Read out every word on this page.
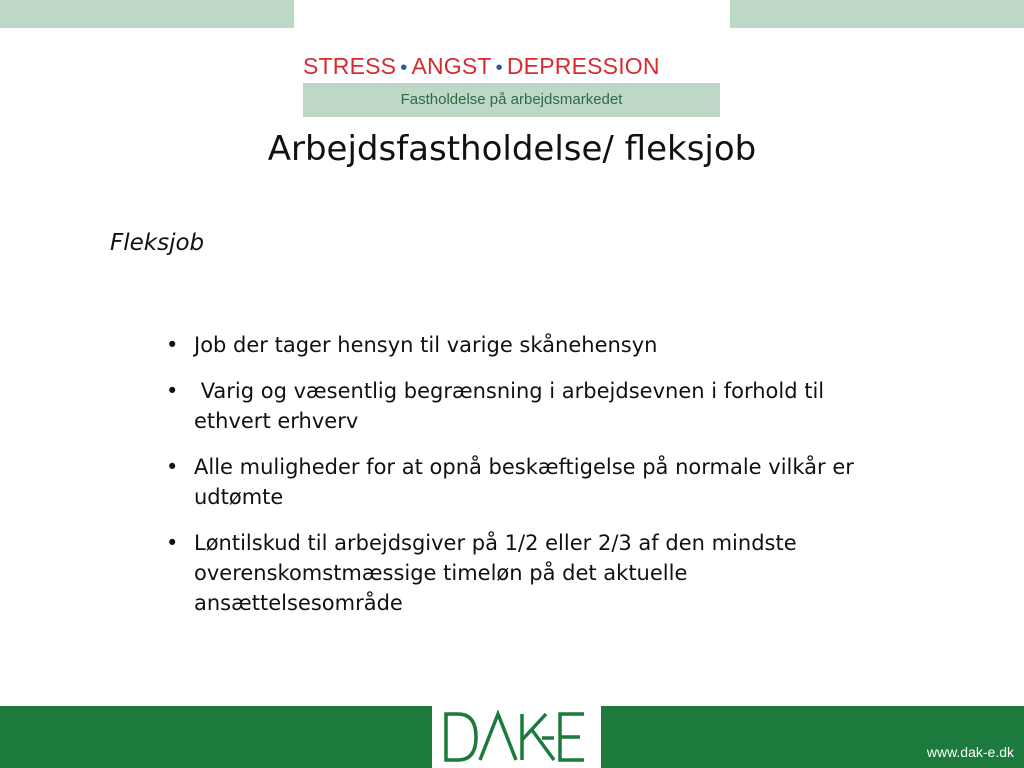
STRESS • ANGST • DEPRESSION
Fastholdelse på arbejdsmarkedet
Arbejdsfastholdelse/ fleksjob
Fleksjob
• Job der tager hensyn til varige skånehensyn
• Varig og væsentlig begrænsning i arbejdsevnen i forhold til ethvert erhverv
• Alle muligheder for at opnå beskæftigelse på normale vilkår er udtømte
• Løntilskud til arbejdsgiver på 1/2 eller 2/3 af den mindste overenskomstmæssige timeløn på det aktuelle ansættelsesområde
www.dak-e.dk
